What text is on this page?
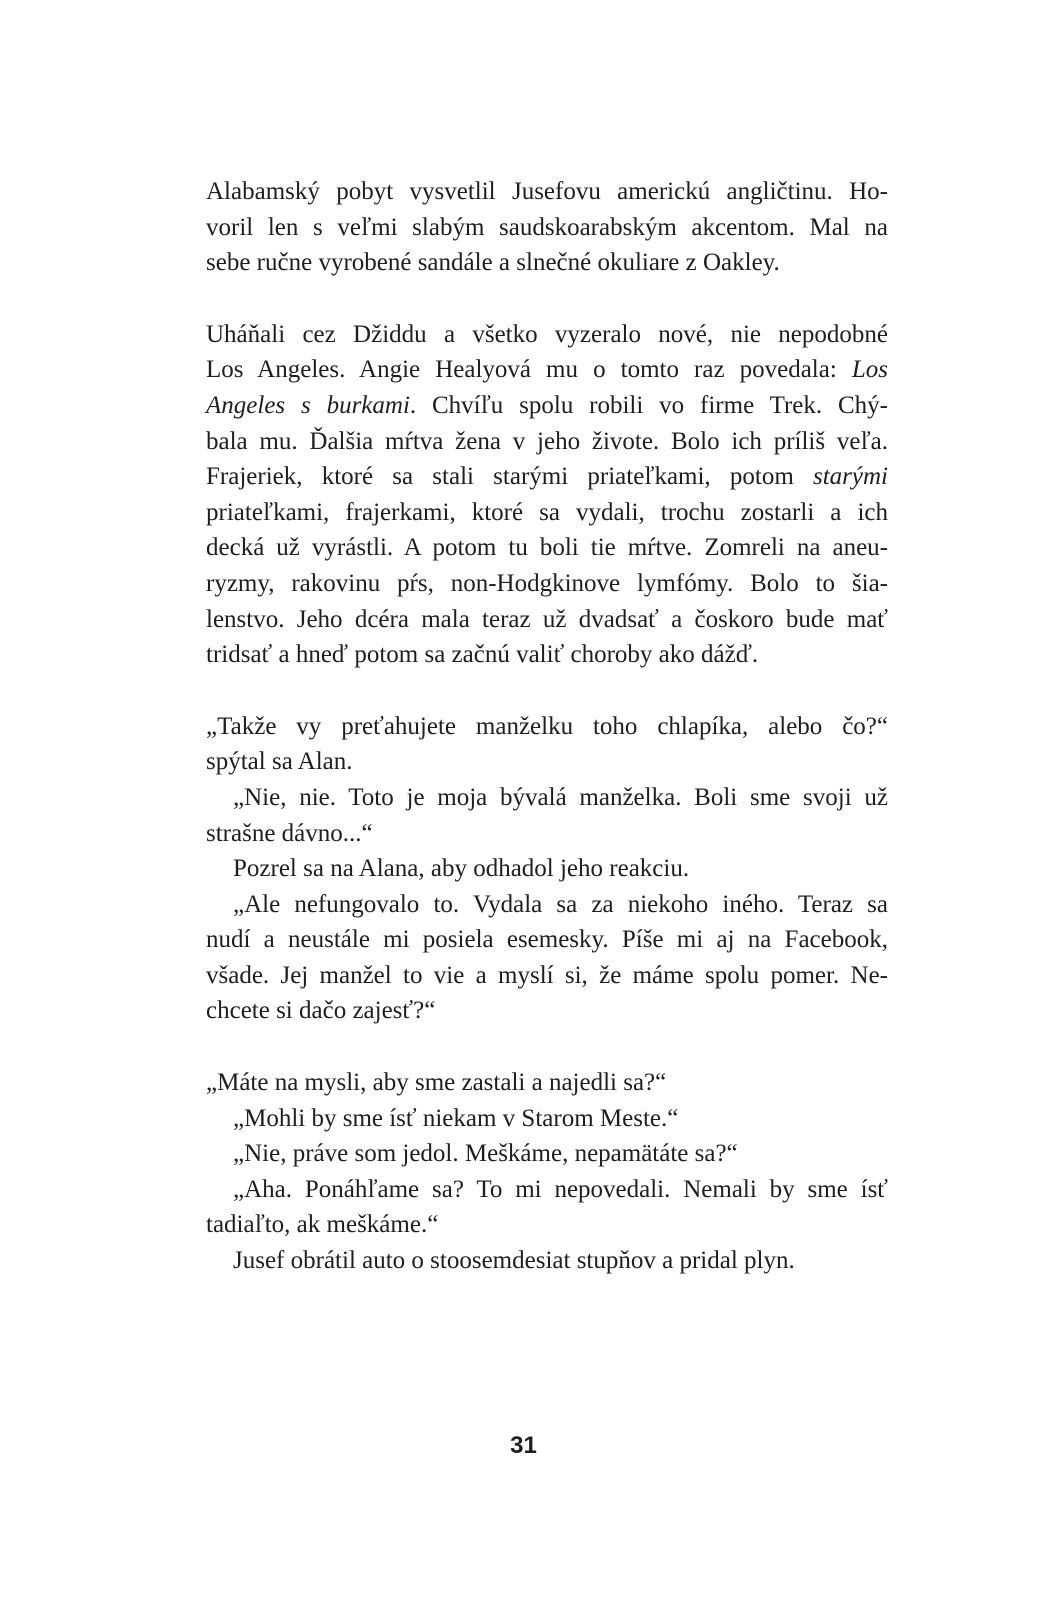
Alabamský pobyt vysvetlil Jusefovu americkú angličtinu. Ho-
voril len s veľmi slabým saudskoarabským akcentom. Mal na
sebe ručne vyrobené sandále a slnečné okuliare z Oakley.
Uháňali cez Džiddu a všetko vyzeralo nové, nie nepodobné
Los Angeles. Angie Healyová mu o tomto raz povedala: Los
Angeles s burkami. Chvíľu spolu robili vo firme Trek. Chý-
bala mu. Ďalšia mŕtva žena v jeho živote. Bolo ich príliš veľa.
Frajeriek, ktoré sa stali starými priateľkami, potom starými
priateľkami, frajerkami, ktoré sa vydali, trochu zostarli a ich
decká už vyrástli. A potom tu boli tie mŕtve. Zomreli na aneu-
ryzmy, rakovinu pŕs, non-Hodgkinove lymfómy. Bolo to šia-
lenstvo. Jeho dcéra mala teraz už dvadsať a čoskoro bude mať
tridsať a hneď potom sa začnú valiť choroby ako dážď.
„Takže vy preťahujete manželku toho chlapíka, alebo čo?“
spýtal sa Alan.
„Nie, nie. Toto je moja bývalá manželka. Boli sme svoji už
strašne dávno...“
Pozrel sa na Alana, aby odhadol jeho reakciu.
„Ale nefungovalo to. Vydala sa za niekoho iného. Teraz sa
nudí a neustále mi posiela esemesky. Píše mi aj na Facebook,
všade. Jej manžel to vie a myslí si, že máme spolu pomer. Ne-
chcete si dačo zajesť?“
„Máte na mysli, aby sme zastali a najedli sa?“
„Mohli by sme ísť niekam v Starom Meste.“
„Nie, práve som jedol. Meškáme, nepamätáte sa?“
„Aha. Ponáhľame sa? To mi nepovedali. Nemali by sme ísť
tadiaľto, ak meškáme.“
Jusef obrátil auto o stoosemdesiat stupňov a pridal plyn.
31
